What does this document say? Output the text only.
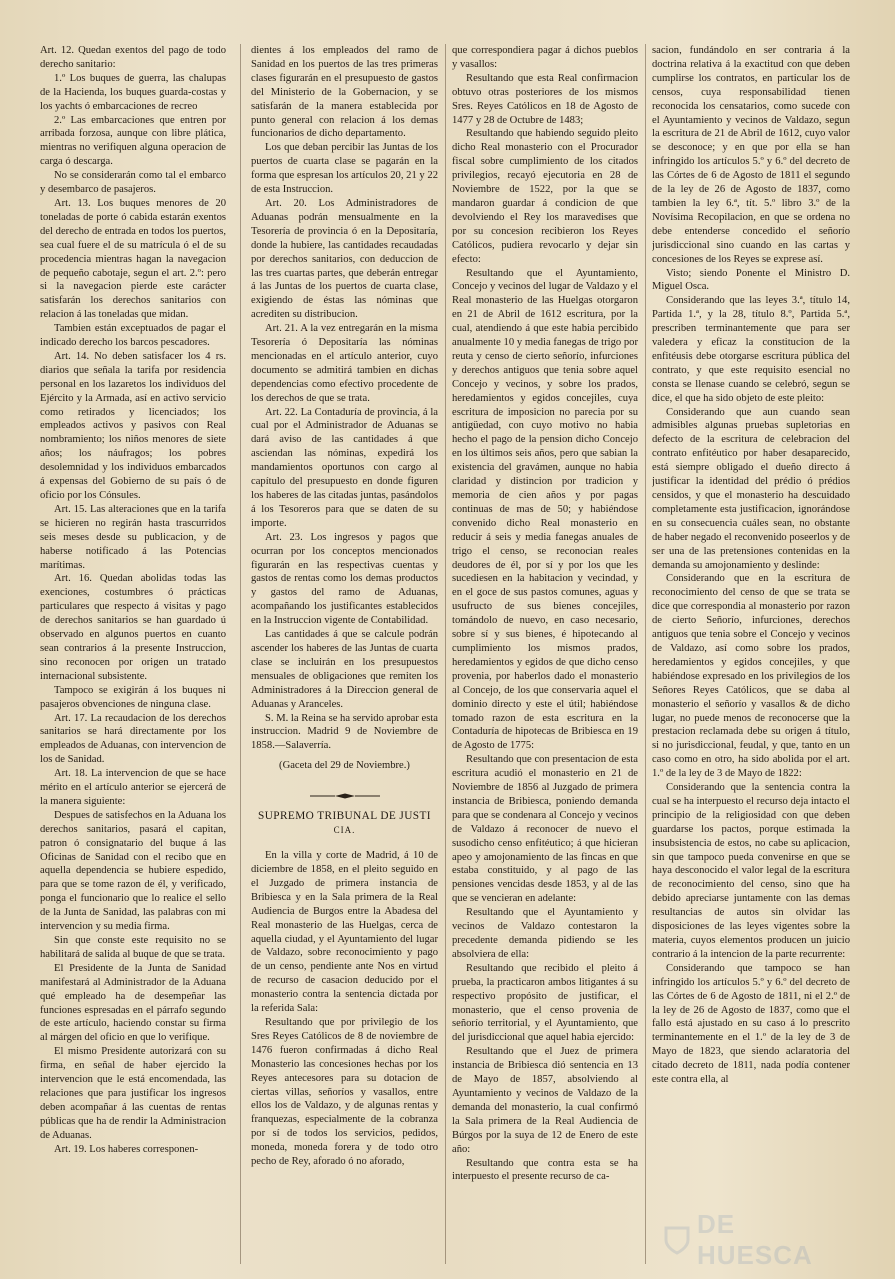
Art. 12. Quedan exentos del pago de todo derecho sanitario:

1.º Los buques de guerra, las chalupas de la Hacienda, los buques guarda-costas y los yachts ó embarcaciones de recreo

2.º Las embarcaciones que entren por arribada forzosa, aunque con libre plática, mientras no verifiquen alguna operacion de carga ó descarga.

No se considerarán como tal el embarco y desembarco de pasajeros.

Art. 13. Los buques menores de 20 toneladas de porte ó cabida estarán exentos del derecho de entrada en todos los puertos, sea cual fuere el de su matrícula ó el de su procedencia mientras hagan la navegacion de pequeño cabotaje, segun el art. 2.º: pero si la navegacion pierde este carácter satisfarán los derechos sanitarios con relacion á las toneladas que midan.

Tambien están exceptuados de pagar el indicado derecho los barcos pescadores.

Art. 14. No deben satisfacer los 4 rs. diarios que señala la tarifa por residencia personal en los lazaretos los individuos del Ejército y la Armada, así en activo servicio como retirados y licenciados; los empleados activos y pasivos con Real nombramiento; los niños menores de siete años; los náufragos; los pobres desolemnidad y los individuos embarcados á expensas del Gobierno de su país ó de oficio por los Cónsules.

Art. 15. Las alteraciones que en la tarifa se hicieren no regirán hasta trascurridos seis meses desde su publicacion, y de haberse notificado á las Potencias marítimas.

Art. 16. Quedan abolidas todas las exenciones, costumbres ó prácticas particulares que respecto á visitas y pago de derechos sanitarios se han guardado ú observado en algunos puertos en cuanto sean contrarios á la presente Instruccion, sino reconocen por origen un tratado internacional subsistente.

Tampoco se exigirán á los buques ni pasajeros obvenciones de ninguna clase.

Art. 17. La recaudacion de los derechos sanitarios se hará directamente por los empleados de Aduanas, con intervencion de los de Sanidad.

Art. 18. La intervencion de que se hace mérito en el artículo anterior se ejercerá de la manera siguiente:

Despues de satisfechos en la Aduana los derechos sanitarios, pasará el capitan, patron ó consignatario del buque á las Oficinas de Sanidad con el recibo que en aquella dependencia se hubiere espedido, para que se tome razon de él, y verificado, ponga el funcionario que lo realice el sello de la Junta de Sanidad, las palabras con mi intervencion y su media firma.

Sin que conste este requisito no se habilitará de salida al buque de que se trata.

El Presidente de la Junta de Sanidad manifestará al Administrador de la Aduana qué empleado ha de desempeñar las funciones espresadas en el párrafo segundo de este artículo, haciendo constar su firma al márgen del oficio en que lo verifique.

El mismo Presidente autorizará con su firma, en señal de haber ejercido la intervencion que le está encomendada, las relaciones que para justificar los ingresos deben acompañar á las cuentas de rentas públicas que ha de rendir la Administracion de Aduanas.

Art. 19. Los haberes corresponen-

dientes á los empleados del ramo de Sanidad en los puertos de las tres primeras clases figurarán en el presupuesto de gastos del Ministerio de la Gobernacion, y se satisfarán de la manera establecida por punto general con relacion á los demas funcionarios de dicho departamento.

Los que deban percibir las Juntas de los puertos de cuarta clase se pagarán en la forma que espresan los artículos 20, 21 y 22 de esta Instruccion.

Art. 20. Los Administradores de Aduanas podrán mensualmente en la Tesorería de provincia ó en la Depositaría, donde la hubiere, las cantidades recaudadas por derechos sanitarios, con deduccion de las tres cuartas partes, que deberán entregar á las Juntas de los puertos de cuarta clase, exigiendo de éstas las nóminas que acrediten su distribucion.

Art. 21. A la vez entregarán en la misma Tesorería ó Depositaría las nóminas mencionadas en el artículo anterior, cuyo documento se admitirá tambien en dichas dependencias como efectivo procedente de los derechos de que se trata.

Art. 22. La Contaduría de provincia, á la cual por el Administrador de Aduanas se dará aviso de las cantidades á que asciendan las nóminas, expedirá los mandamientos oportunos con cargo al capítulo del presupuesto en donde figuren los haberes de las citadas juntas, pasándolos á los Tesoreros para que se daten de su importe.

Art. 23. Los ingresos y pagos que ocurran por los conceptos mencionados figurarán en las respectivas cuentas y gastos de rentas como los demas productos y gastos del ramo de Aduanas, acompañando los justificantes establecidos en la Instruccion vigente de Contabilidad.

Las cantidades á que se calcule podrán ascender los haberes de las Juntas de cuarta clase se incluirán en los presupuestos mensuales de obligaciones que remiten los Administradores á la Direccion general de Aduanas y Aranceles.

S. M. la Reina se ha servido aprobar esta instruccion. Madrid 9 de Noviembre de 1858.—Salaverría.

(Gaceta del 29 de Noviembre.)
SUPREMO TRIBUNAL DE JUSTI
CIA.

En la villa y corte de Madrid, á 10 de diciembre de 1858, en el pleito seguido en el Juzgado de primera instancia de Bribiesca y en la Sala primera de la Real Audiencia de Burgos entre la Abadesa del Real monasterio de las Huelgas, cerca de aquella ciudad, y el Ayuntamiento del lugar de Valdazo, sobre reconocimiento y pago de un censo, pendiente ante Nos en virtud de recurso de casacion deducido por el monasterio contra la sentencia dictada por la referida Sala:

Resultando que por privilegio de los Sres Reyes Católicos de 8 de noviembre de 1476 fueron confirmadas á dicho Real Monasterio las concesiones hechas por los Reyes antecesores para su dotacion de ciertas villas, señoríos y vasallos, entre ellos los de Valdazo, y de algunas rentas y franquezas, especialmente de la cobranza por sí de todos los servicios, pedidos, moneda, moneda forera y de todo otro pecho de Rey, aforado ó no aforado,

que correspondiera pagar á dichos pueblos y vasallos:

Resultando que esta Real confirmacion obtuvo otras posteriores de los mismos Sres. Reyes Católicos en 18 de Agosto de 1477 y 28 de Octubre de 1483;

Resultando que habiendo seguido pleito dicho Real monasterio con el Procurador fiscal sobre cumplimiento de los citados privilegios, recayó ejecutoria en 28 de Noviembre de 1522, por la que se mandaron guardar á condicion de que devolviendo el Rey los maravedises que por su concesion recibieron los Reyes Católicos, pudiera revocarlo y dejar sin efecto:

Resultando que el Ayuntamiento, Concejo y vecinos del lugar de Valdazo y el Real monasterio de las Huelgas otorgaron en 21 de Abril de 1612 escritura, por la cual, atendiendo á que este habia percibido anualmente 10 y media fanegas de trigo por reuta y censo de cierto señorío, infurciones y derechos antiguos que tenia sobre aquel Concejo y vecinos, y sobre los prados, heredamientos y egidos concejiles, cuya escritura de imposicion no parecia por su antigüedad, con cuyo motivo no habia hecho el pago de la pension dicho Concejo en los últimos seis años, pero que sabian la existencia del gravámen, aunque no habia claridad y distincion por tradicion y memoria de cien años y por pagas continuas de mas de 50; y habiéndose convenido dicho Real monasterio en reducir á seis y media fanegas anuales de trigo el censo, se reconocian reales deudores de él, por sí y por los que les sucediesen en la habitacion y vecindad, y en el goce de sus pastos comunes, aguas y usufructo de sus bienes concejiles, tomándolo de nuevo, en caso necesario, sobre sí y sus bienes, é hipotecando al cumplimiento los mismos prados, heredamientos y egidos de que dicho censo provenia, por haberlos dado el monasterio al Concejo, de los que conservaria aquel el dominio directo y este el útil; habiéndose tomado razon de esta escritura en la Contaduría de hipotecas de Bribiesca en 19 de Agosto de 1775:

Resultando que con presentacion de esta escritura acudió el monasterio en 21 de Noviembre de 1856 al Juzgado de primera instancia de Bribiesca, poniendo demanda para que se condenara al Concejo y vecinos de Valdazo á reconocer de nuevo el susodicho censo enfitéutico; á que hicieran apeo y amojonamiento de las fincas en que estaba constituido, y al pago de las pensiones vencidas desde 1853, y al de las que se vencieran en adelante:

Resultando que el Ayuntamiento y vecinos de Valdazo contestaron la precedente demanda pidiendo se les absolviera de ella:

Resultando que recibido el pleito á prueba, la practicaron ambos litigantes á su respectivo propósito de justificar, el monasterio, que el censo provenia de señorío territorial, y el Ayuntamiento, que del jurisdiccional que aquel habia ejercido:

Resultando que el Juez de primera instancia de Bribiesca dió sentencia en 13 de Mayo de 1857, absolviendo al Ayuntamiento y vecinos de Valdazo de la demanda del monasterio, la cual confirmó la Sala primera de la Real Audiencia de Búrgos por la suya de 12 de Enero de este año:

Resultando que contra esta se ha interpuesto el presente recurso de ca-

sacion, fundándolo en ser contraria á la doctrina relativa á la exactitud con que deben cumplirse los contratos, en particular los de censos, cuya responsabilidad tienen reconocida los censatarios, como sucede con el Ayuntamiento y vecinos de Valdazo, segun la escritura de 21 de Abril de 1612, cuyo valor se desconoce; y en que por ella se han infringido los artículos 5.º y 6.º del decreto de las Córtes de 6 de Agosto de 1811 el segundo de la ley de 26 de Agosto de 1837, como tambien la ley 6.ª, tít. 5.º libro 3.º de la Novísima Recopilacion, en que se ordena no debe entenderse concedido el señorío jurisdiccional sino cuando en las cartas y concesiones de los Reyes se exprese así.

Visto; siendo Ponente el Ministro D. Miguel Osca.

Considerando que las leyes 3.ª, título 14, Partida 1.ª, y la 28, título 8.º, Partida 5.ª, prescriben terminantemente que para ser valedera y eficaz la constitucion de la enfitéusis debe otorgarse escritura pública del contrato, y que este requisito esencial no consta se llenase cuando se celebró, segun se dice, el que ha sido objeto de este pleito:

Considerando que aun cuando sean admisibles algunas pruebas supletorias en defecto de la escritura de celebracion del contrato enfitéutico por haber desaparecido, está siempre obligado el dueño directo á justificar la identidad del prédio ó prédios censidos, y que el monasterio ha descuidado completamente esta justificacion, ignorándose en su consecuencia cuáles sean, no obstante de haber negado el reconvenido poseerlos y de ser una de las pretensiones contenidas en la demanda su amojonamiento y deslinde:

Considerando que en la escritura de reconocimiento del censo de que se trata se dice que correspondia al monasterio por razon de cierto Señorío, infurciones, derechos antiguos que tenia sobre el Concejo y vecinos de Valdazo, así como sobre los prados, heredamientos y egidos concejiles, y que habiéndose expresado en los privilegios de los Señores Reyes Católicos, que se daba al monasterio el señorío y vasallos & de dicho lugar, no puede menos de reconocerse que la prestacion reclamada debe su origen á título, si no jurisdiccional, feudal, y que, tanto en un caso como en otro, ha sido abolida por el art. 1.º de la ley de 3 de Mayo de 1822:

Considerando que la sentencia contra la cual se ha interpuesto el recurso deja intacto el principio de la religiosidad con que deben guardarse los pactos, porque estimada la insubsistencia de estos, no cabe su aplicacion, sin que tampoco pueda convenirse en que se haya desconocido el valor legal de la escritura de reconocimiento del censo, sino que ha debido apreciarse juntamente con las demas resultancias de autos sin olvidar las disposiciones de las leyes vigentes sobre la materia, cuyos elementos producen un juicio contrario á la intencion de la parte recurrente:

Considerando que tampoco se han infringido los artículos 5.º y 6.º del decreto de las Córtes de 6 de Agosto de 1811, ni el 2.º de la ley de 26 de Agosto de 1837, como que el fallo está ajustado en su caso á lo prescrito terminantemente en el 1.º de la ley de 3 de Mayo de 1823, que siendo aclaratoria del citado decreto de 1811, nada podía contener este contra ella, al

DE HUESCA
